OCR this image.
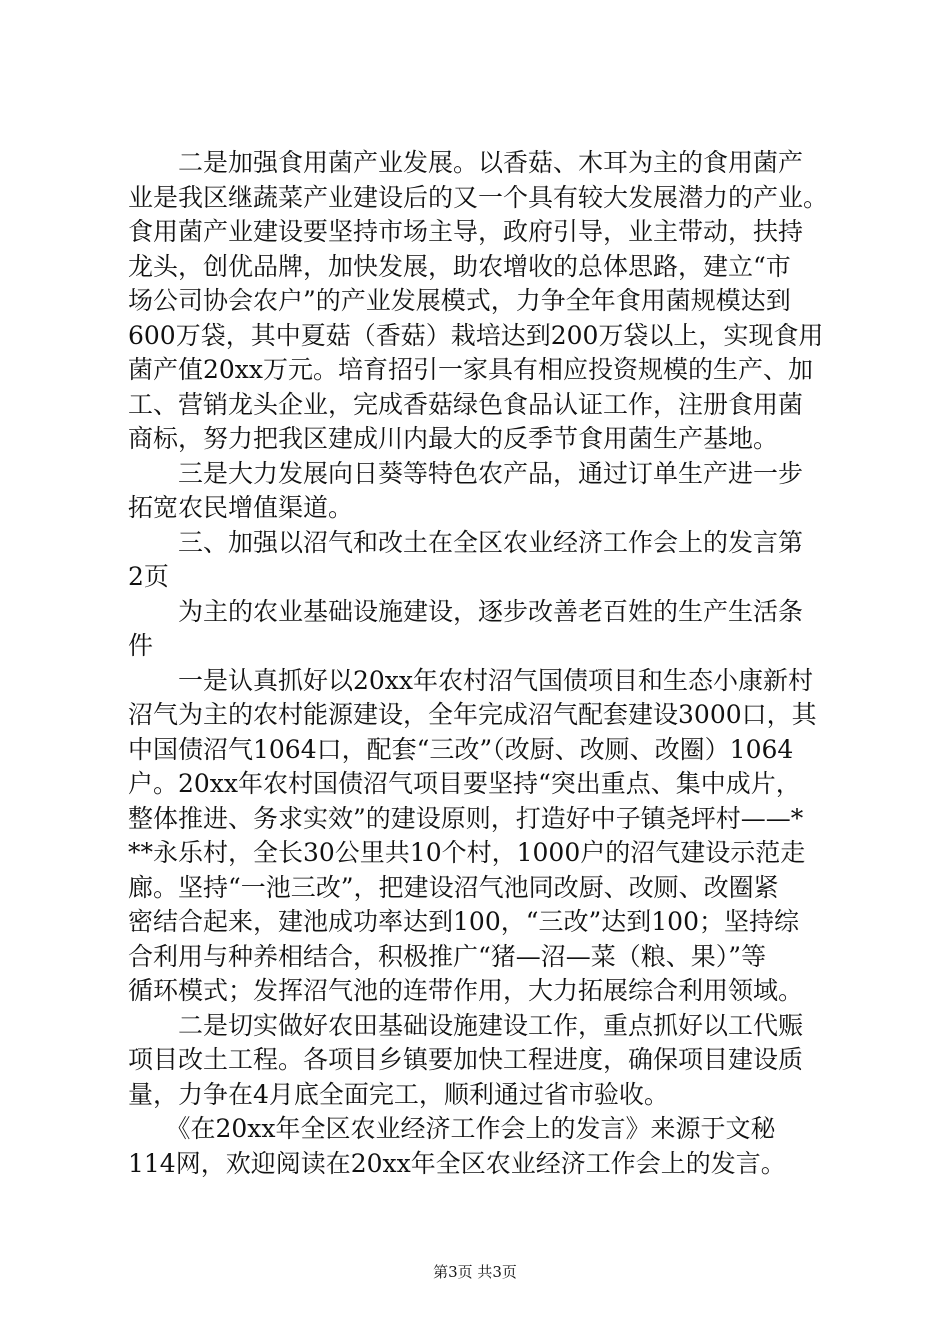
　　二是加强食用菌产业发展。以香菇、木耳为主的食用菌产
业是我区继蔬菜产业建设后的又一个具有较大发展潜力的产业。
食用菌产业建设要坚持市场主导，政府引导，业主带动，扶持
龙头，创优品牌，加快发展，助农增收的总体思路，建立“市
场公司协会农户”的产业发展模式，力争全年食用菌规模达到
600万袋，其中夏菇（香菇）栽培达到200万袋以上，实现食用
菌产值20xx万元。培育招引一家具有相应投资规模的生产、加
工、营销龙头企业，完成香菇绿色食品认证工作，注册食用菌
商标，努力把我区建成川内最大的反季节食用菌生产基地。
　　三是大力发展向日葵等特色农产品，通过订单生产进一步
拓宽农民增值渠道。
　　三、加强以沼气和改土在全区农业经济工作会上的发言第
2页
　　为主的农业基础设施建设，逐步改善老百姓的生产生活条
件
　　一是认真抓好以20xx年农村沼气国债项目和生态小康新村
沼气为主的农村能源建设，全年完成沼气配套建设3000口，其
中国债沼气1064口，配套“三改”（改厨、改厕、改圈）1064
户。20xx年农村国债沼气项目要坚持“突出重点、集中成片，
整体推进、务求实效”的建设原则，打造好中子镇尧坪村——*
**永乐村，全长30公里共10个村，1000户的沼气建设示范走
廊。坚持“一池三改”，把建设沼气池同改厨、改厕、改圈紧
密结合起来，建池成功率达到100，“三改”达到100；坚持综
合利用与种养相结合，积极推广“猪—沼—菜（粮、果）”等
循环模式；发挥沼气池的连带作用，大力拓展综合利用领域。
　　二是切实做好农田基础设施建设工作，重点抓好以工代赈
项目改土工程。各项目乡镇要加快工程进度，确保项目建设质
量，力争在4月底全面完工，顺利通过省市验收。
　　《在20xx年全区农业经济工作会上的发言》来源于文秘
114网，欢迎阅读在20xx年全区农业经济工作会上的发言。
第3页 共3页
